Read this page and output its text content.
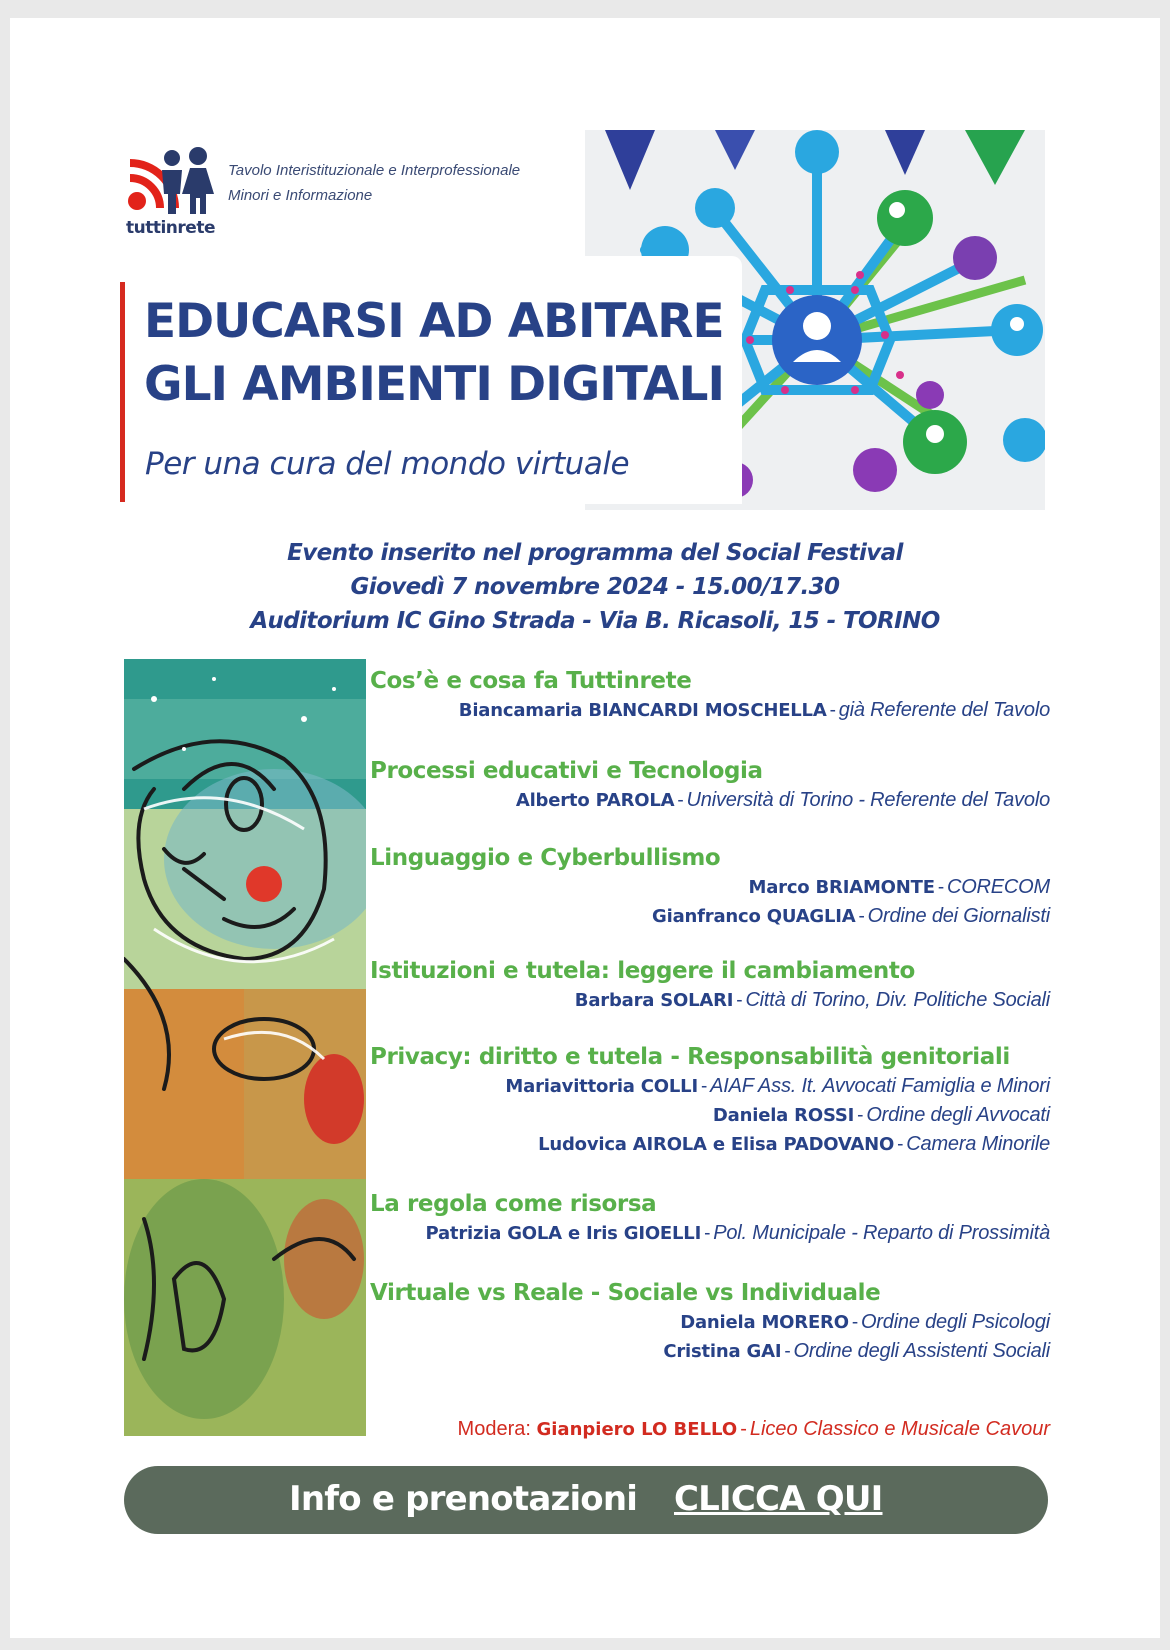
tuttinrete
Tavolo Interistituzionale e Interprofessionale
Minori e Informazione
EDUCARSI AD ABITARE
GLI AMBIENTI DIGITALI
Per una cura del mondo virtuale
Evento inserito nel programma del Social Festival
Giovedì 7 novembre 2024 - 15.00/17.30
Auditorium IC Gino Strada - Via B. Ricasoli, 15 - TORINO
Cos’è e cosa fa Tuttinrete
Biancamaria BIANCARDI MOSCHELLA - già Referente del Tavolo
Processi educativi e Tecnologia
Alberto PAROLA - Università di Torino - Referente del Tavolo
Linguaggio e Cyberbullismo
Marco BRIAMONTE - CORECOM
Gianfranco QUAGLIA - Ordine dei Giornalisti
Istituzioni e tutela: leggere il cambiamento
Barbara SOLARI - Città di Torino, Div. Politiche Sociali
Privacy: diritto e tutela - Responsabilità genitoriali
Mariavittoria COLLI - AIAF Ass. It. Avvocati Famiglia e Minori
Daniela ROSSI - Ordine degli Avvocati
Ludovica AIROLA e Elisa PADOVANO - Camera Minorile
La regola come risorsa
Patrizia GOLA e Iris GIOELLI - Pol. Municipale - Reparto di Prossimità
Virtuale vs Reale - Sociale vs Individuale
Daniela MORERO - Ordine degli Psicologi
Cristina GAI - Ordine degli Assistenti Sociali
Modera: Gianpiero LO BELLO - Liceo Classico e Musicale Cavour
Info e prenotazioni CLICCA QUI
